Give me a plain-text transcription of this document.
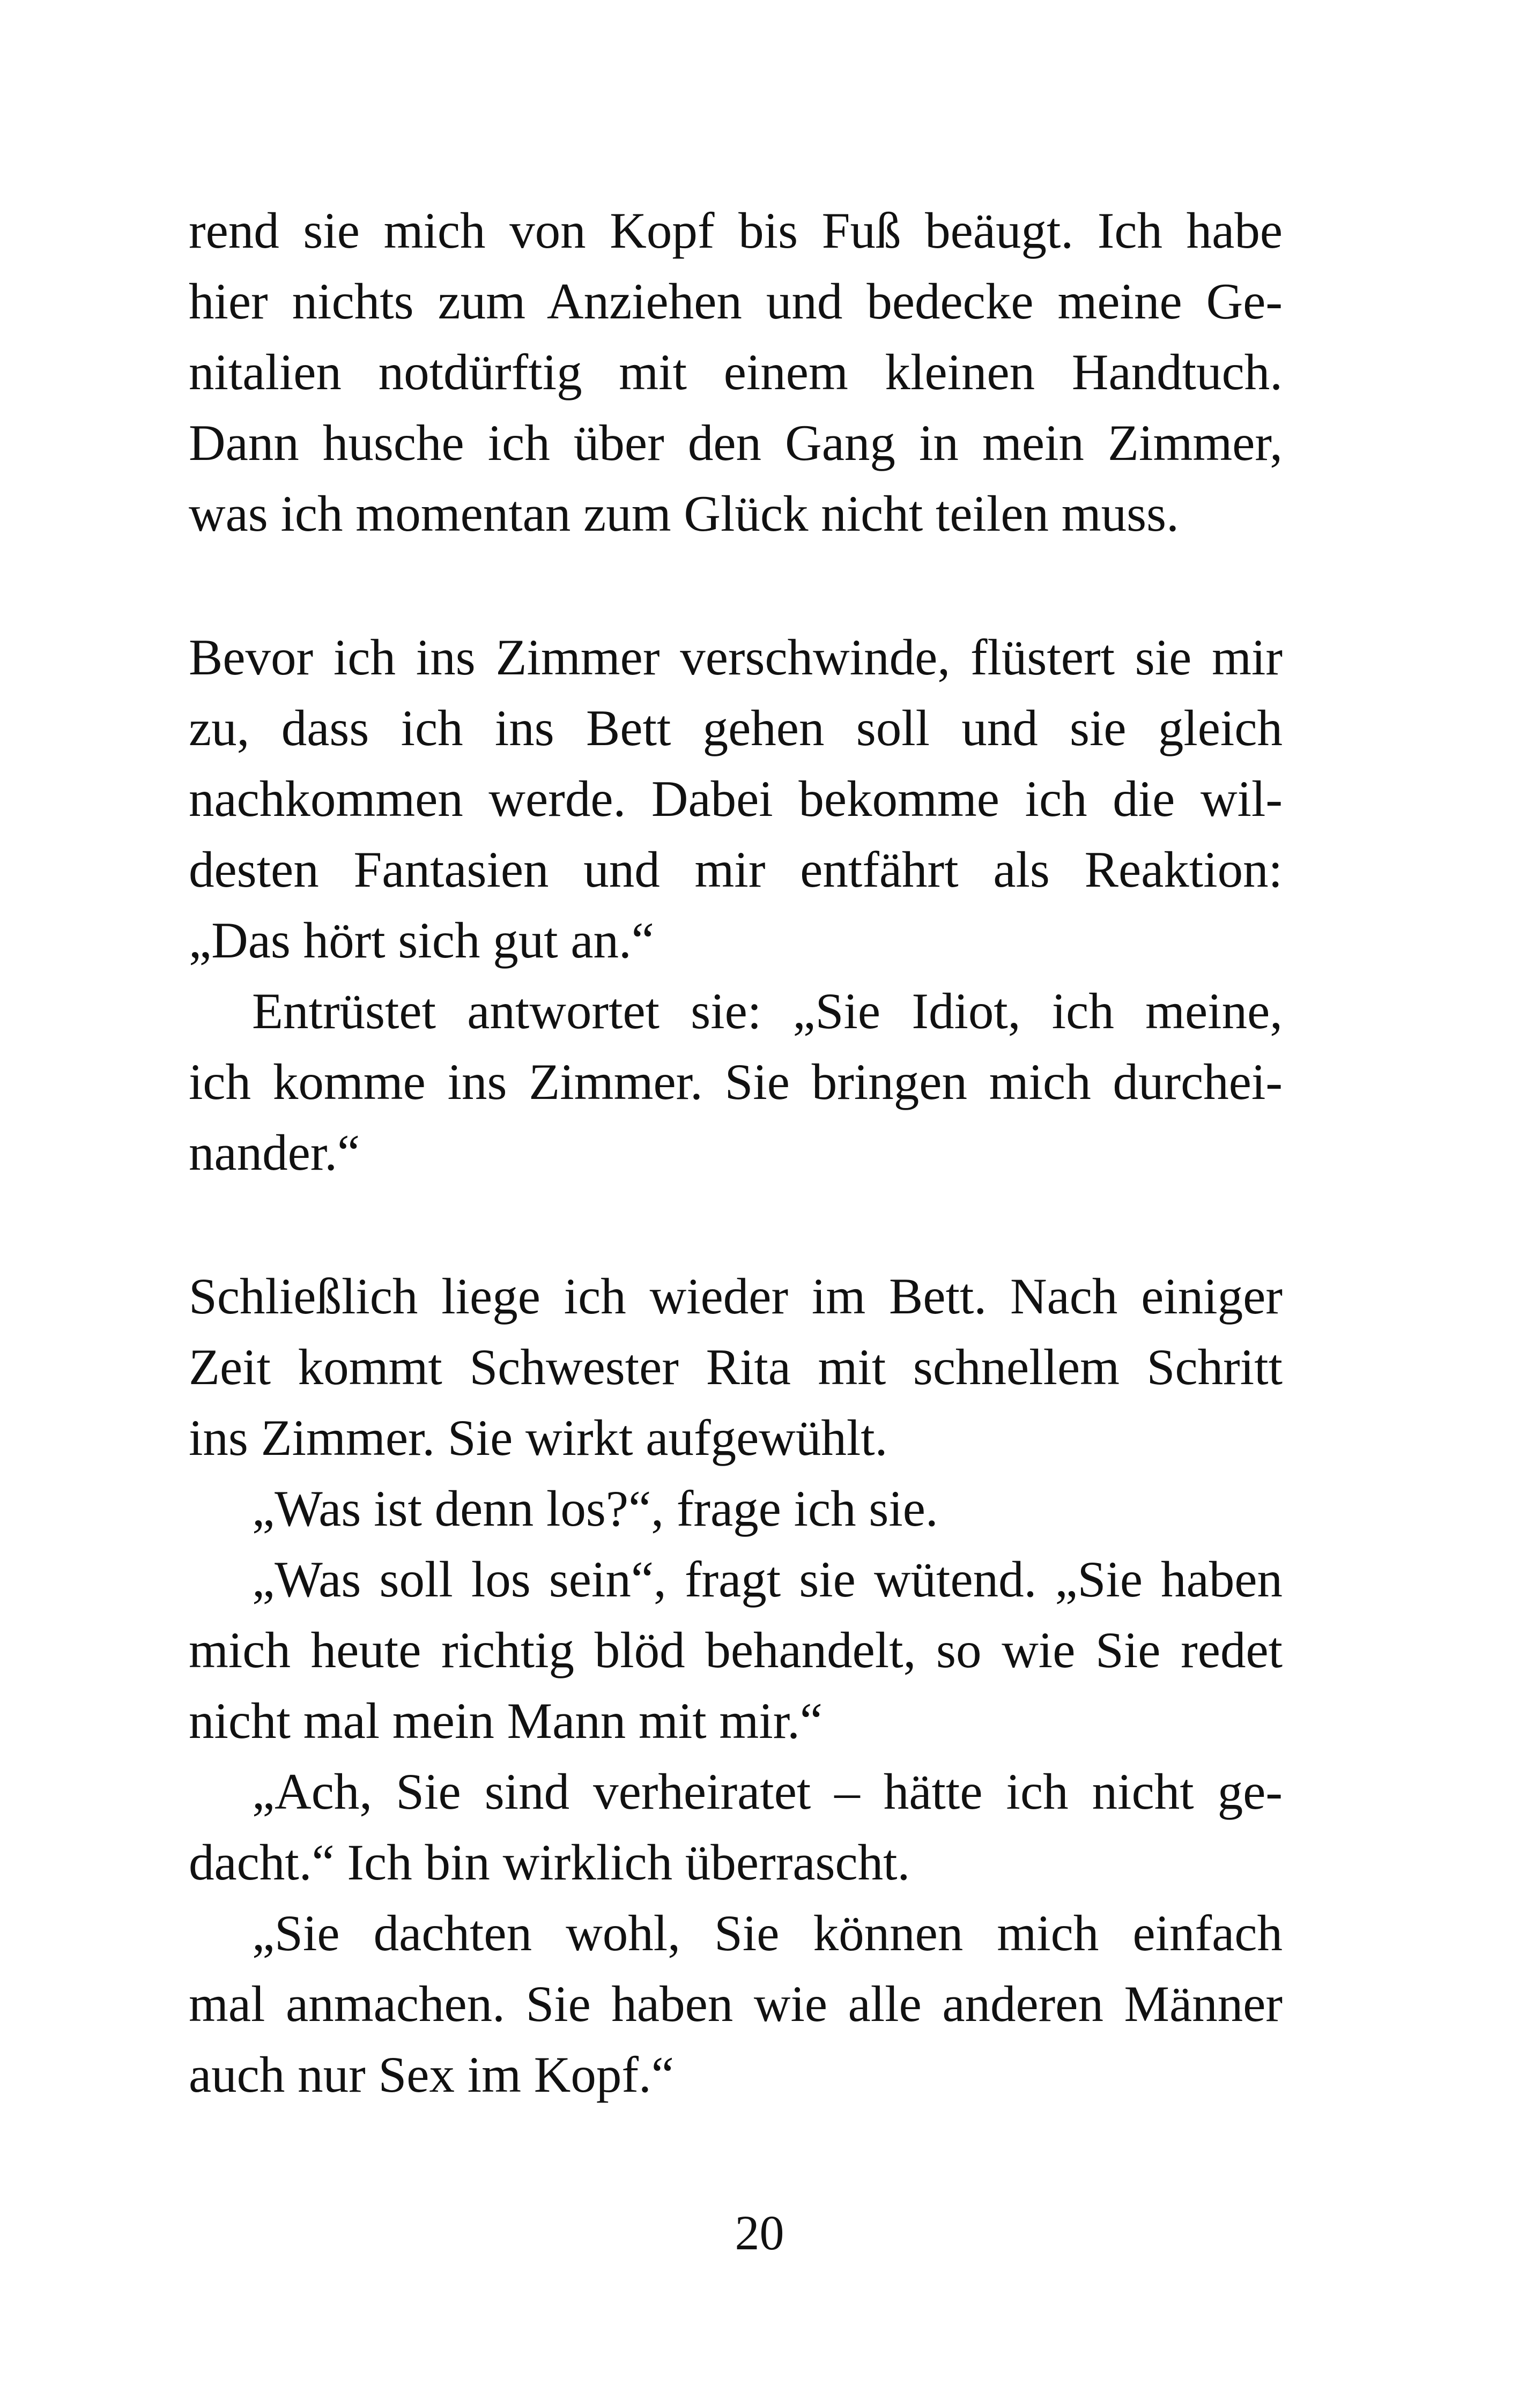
rend sie mich von Kopf bis Fuß beäugt. Ich habe
hier nichts zum Anziehen und bedecke meine Ge-
nitalien notdürftig mit einem kleinen Handtuch.
Dann husche ich über den Gang in mein Zimmer,
was ich momentan zum Glück nicht teilen muss.
Bevor ich ins Zimmer verschwinde, flüstert sie mir
zu, dass ich ins Bett gehen soll und sie gleich
nachkommen werde. Dabei bekomme ich die wil-
desten Fantasien und mir entfährt als Reaktion:
„Das hört sich gut an.“
Entrüstet antwortet sie: „Sie Idiot, ich meine,
ich komme ins Zimmer. Sie bringen mich durchei-
nander.“
Schließlich liege ich wieder im Bett. Nach einiger
Zeit kommt Schwester Rita mit schnellem Schritt
ins Zimmer. Sie wirkt aufgewühlt.
„Was ist denn los?“, frage ich sie.
„Was soll los sein“, fragt sie wütend. „Sie haben
mich heute richtig blöd behandelt, so wie Sie redet
nicht mal mein Mann mit mir.“
„Ach, Sie sind verheiratet – hätte ich nicht ge-
dacht.“ Ich bin wirklich überrascht.
„Sie dachten wohl, Sie können mich einfach
mal anmachen. Sie haben wie alle anderen Männer
auch nur Sex im Kopf.“
20
